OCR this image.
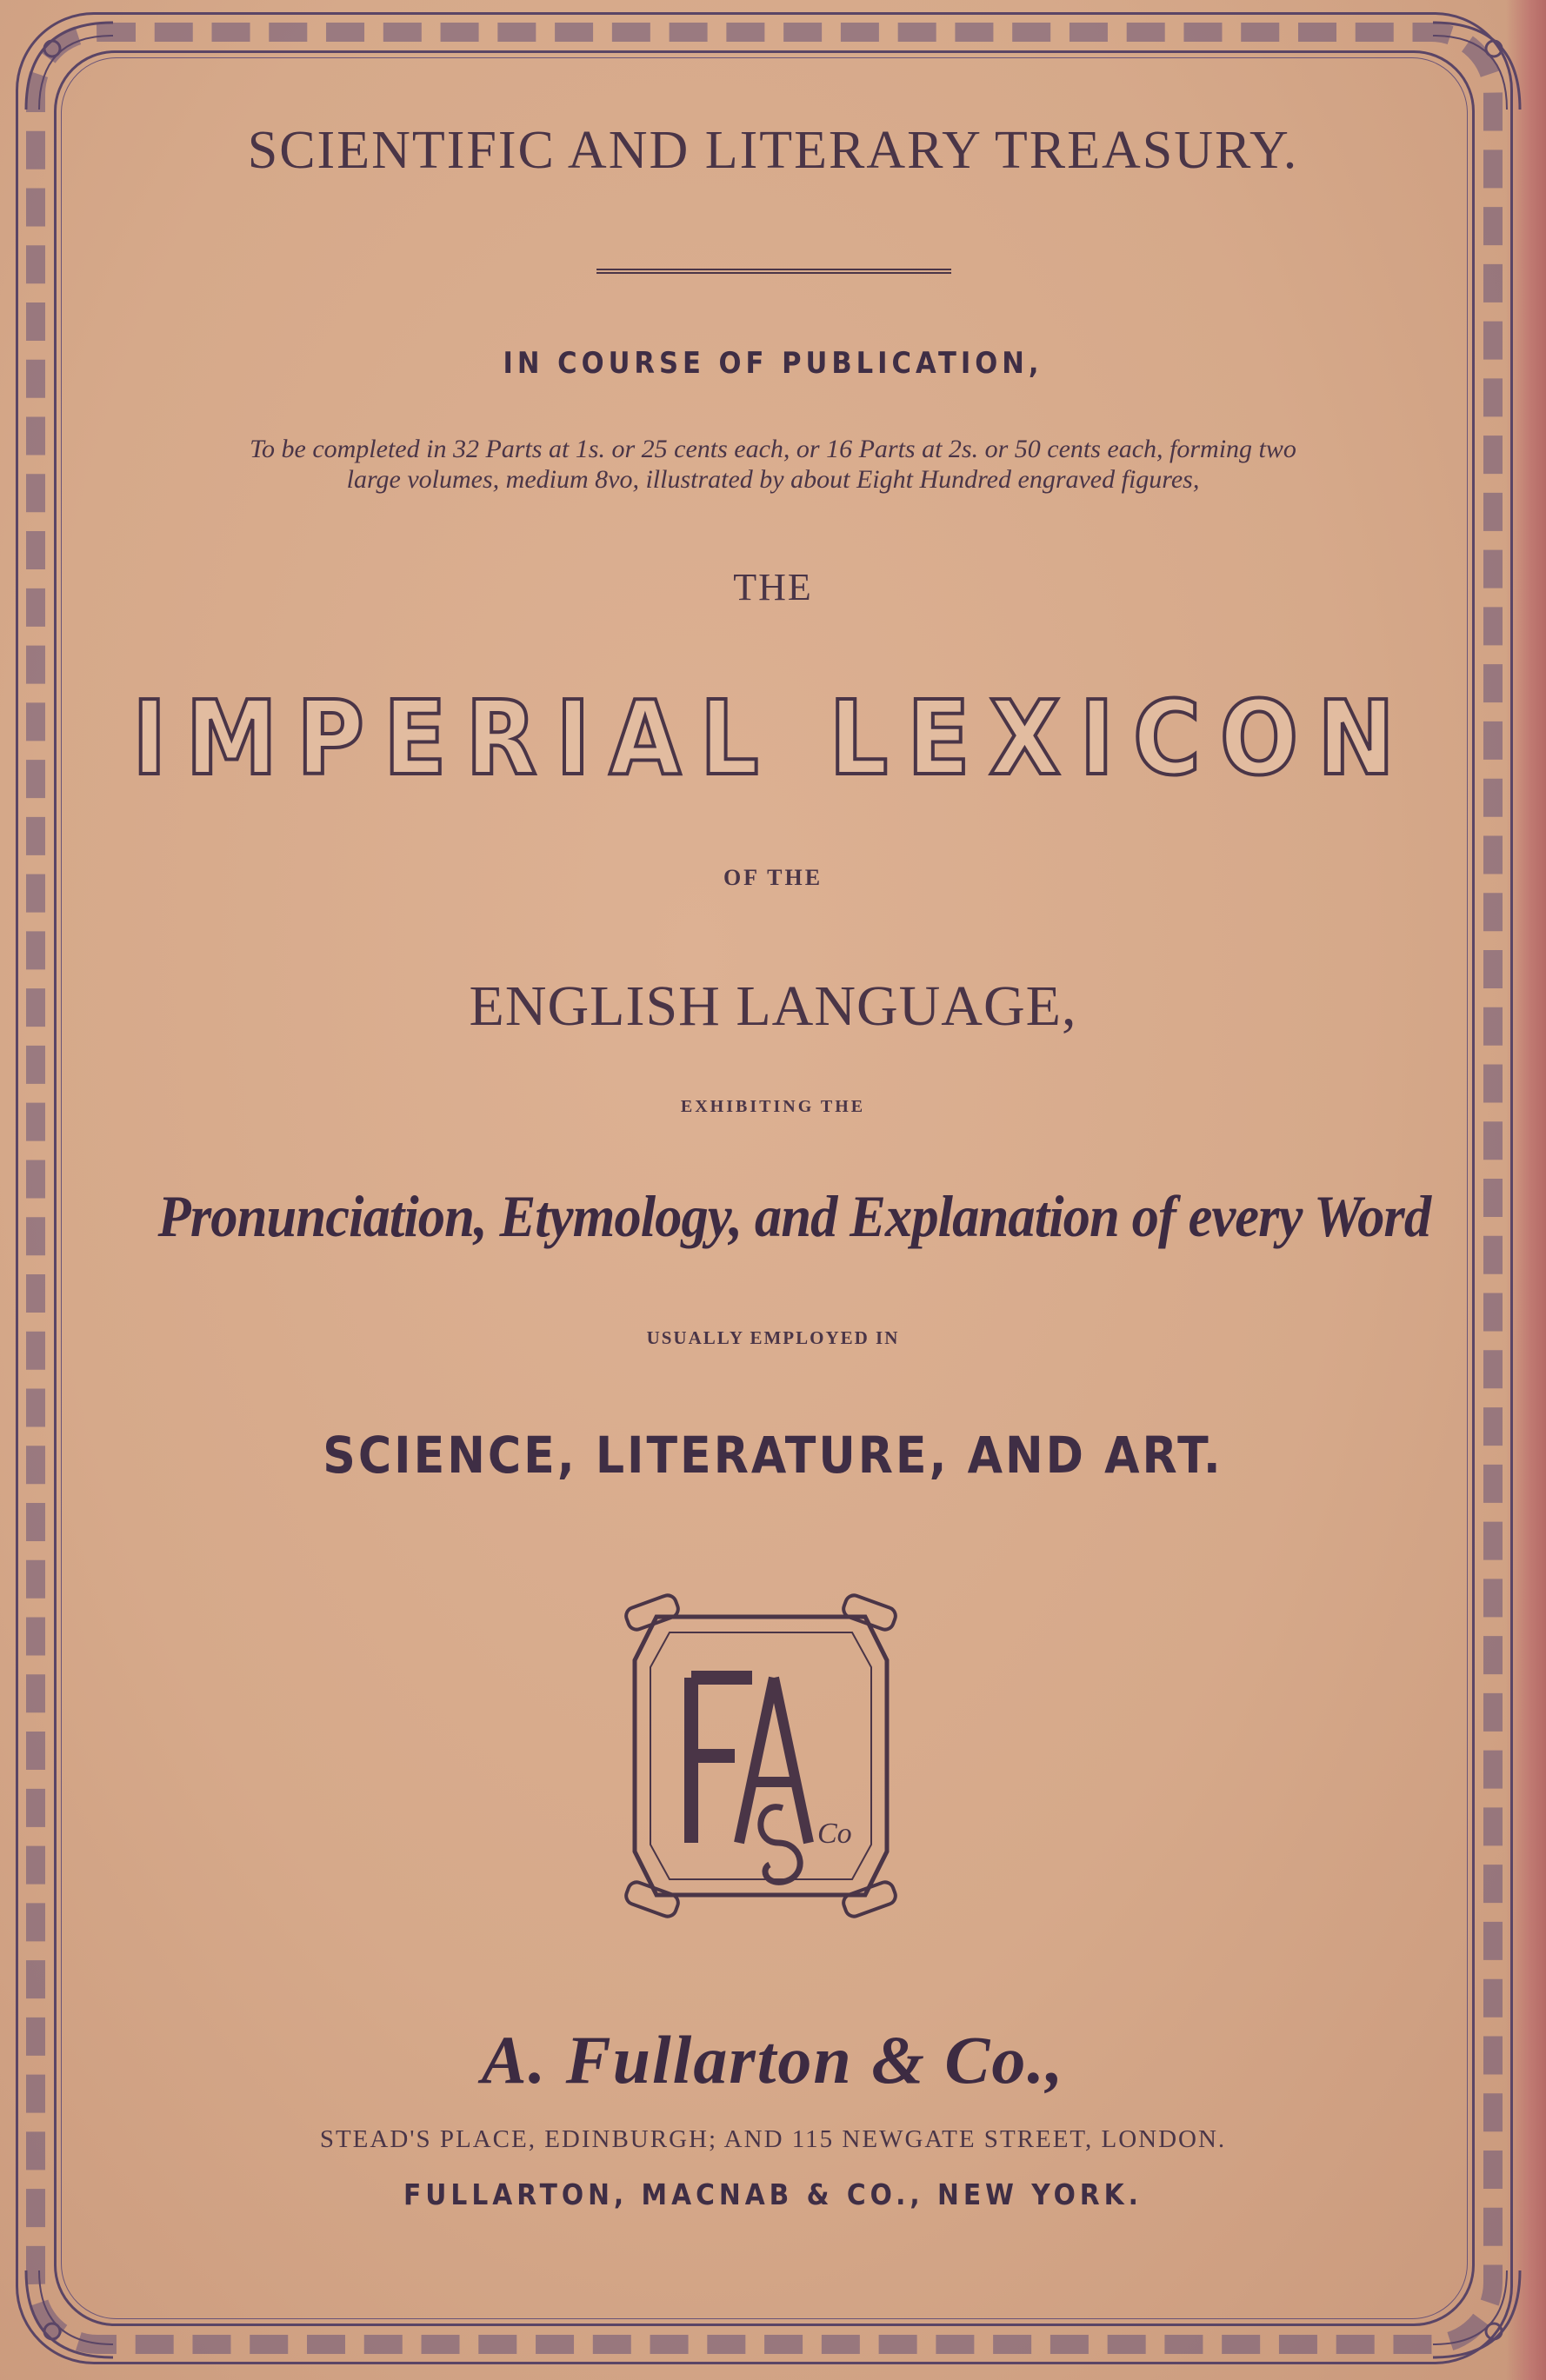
SCIENTIFIC AND LITERARY TREASURY.
IN COURSE OF PUBLICATION,
To be completed in 32 Parts at 1s. or 25 cents each, or 16 Parts at 2s. or 50 cents each, forming two
large volumes, medium 8vo, illustrated by about Eight Hundred engraved figures,
THE
IMPERIAL LEXICON
OF THE
ENGLISH LANGUAGE,
EXHIBITING THE
Pronunciation, Etymology, and Explanation of every Word
USUALLY EMPLOYED IN
SCIENCE, LITERATURE, AND ART.
Co
A. Fullarton & Co.,
STEAD'S PLACE, EDINBURGH; AND 115 NEWGATE STREET, LONDON.
FULLARTON, MACNAB & CO., NEW YORK.
